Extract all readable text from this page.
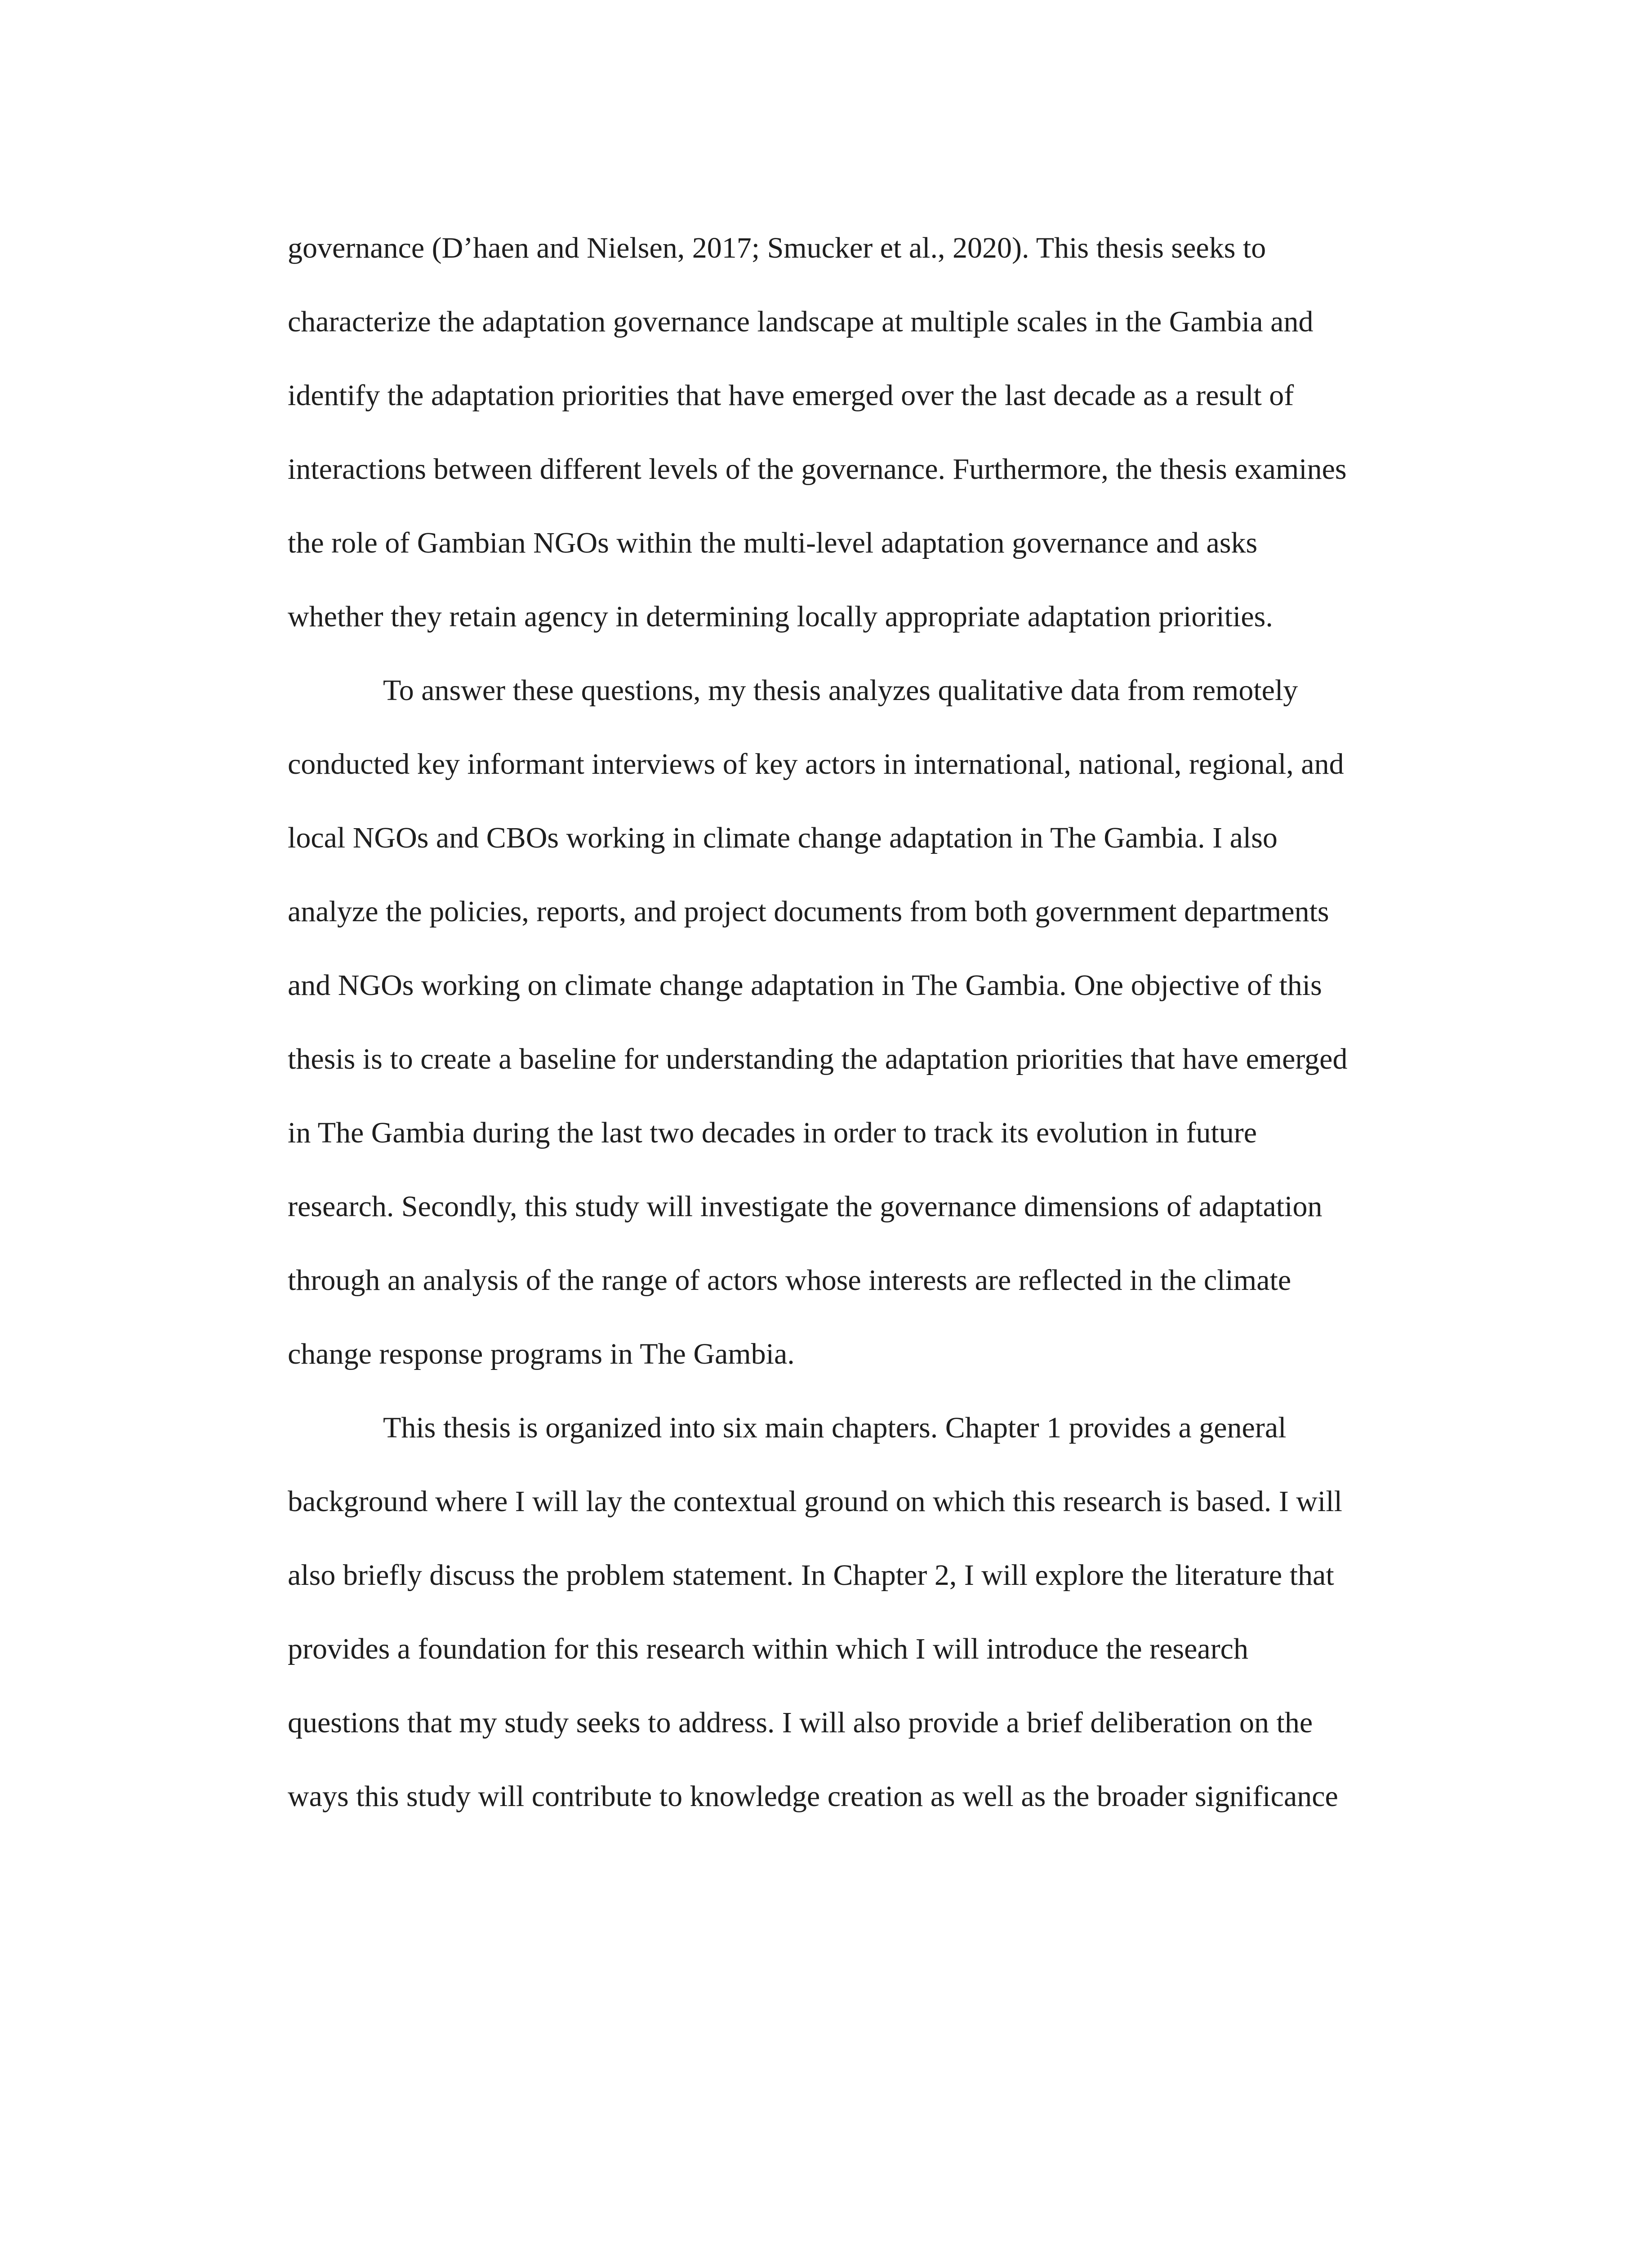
governance (D’haen and Nielsen, 2017; Smucker et al., 2020). This thesis seeks to
characterize the adaptation governance landscape at multiple scales in the Gambia and
identify the adaptation priorities that have emerged over the last decade as a result of
interactions between different levels of the governance. Furthermore, the thesis examines
the role of Gambian NGOs within the multi-level adaptation governance and asks
whether they retain agency in determining locally appropriate adaptation priorities.
To answer these questions, my thesis analyzes qualitative data from remotely
conducted key informant interviews of key actors in international, national, regional, and
local NGOs and CBOs working in climate change adaptation in The Gambia. I also
analyze the policies, reports, and project documents from both government departments
and NGOs working on climate change adaptation in The Gambia. One objective of this
thesis is to create a baseline for understanding the adaptation priorities that have emerged
in The Gambia during the last two decades in order to track its evolution in future
research. Secondly, this study will investigate the governance dimensions of adaptation
through an analysis of the range of actors whose interests are reflected in the climate
change response programs in The Gambia.
This thesis is organized into six main chapters. Chapter 1 provides a general
background where I will lay the contextual ground on which this research is based. I will
also briefly discuss the problem statement. In Chapter 2, I will explore the literature that
provides a foundation for this research within which I will introduce the research
questions that my study seeks to address. I will also provide a brief deliberation on the
ways this study will contribute to knowledge creation as well as the broader significance
